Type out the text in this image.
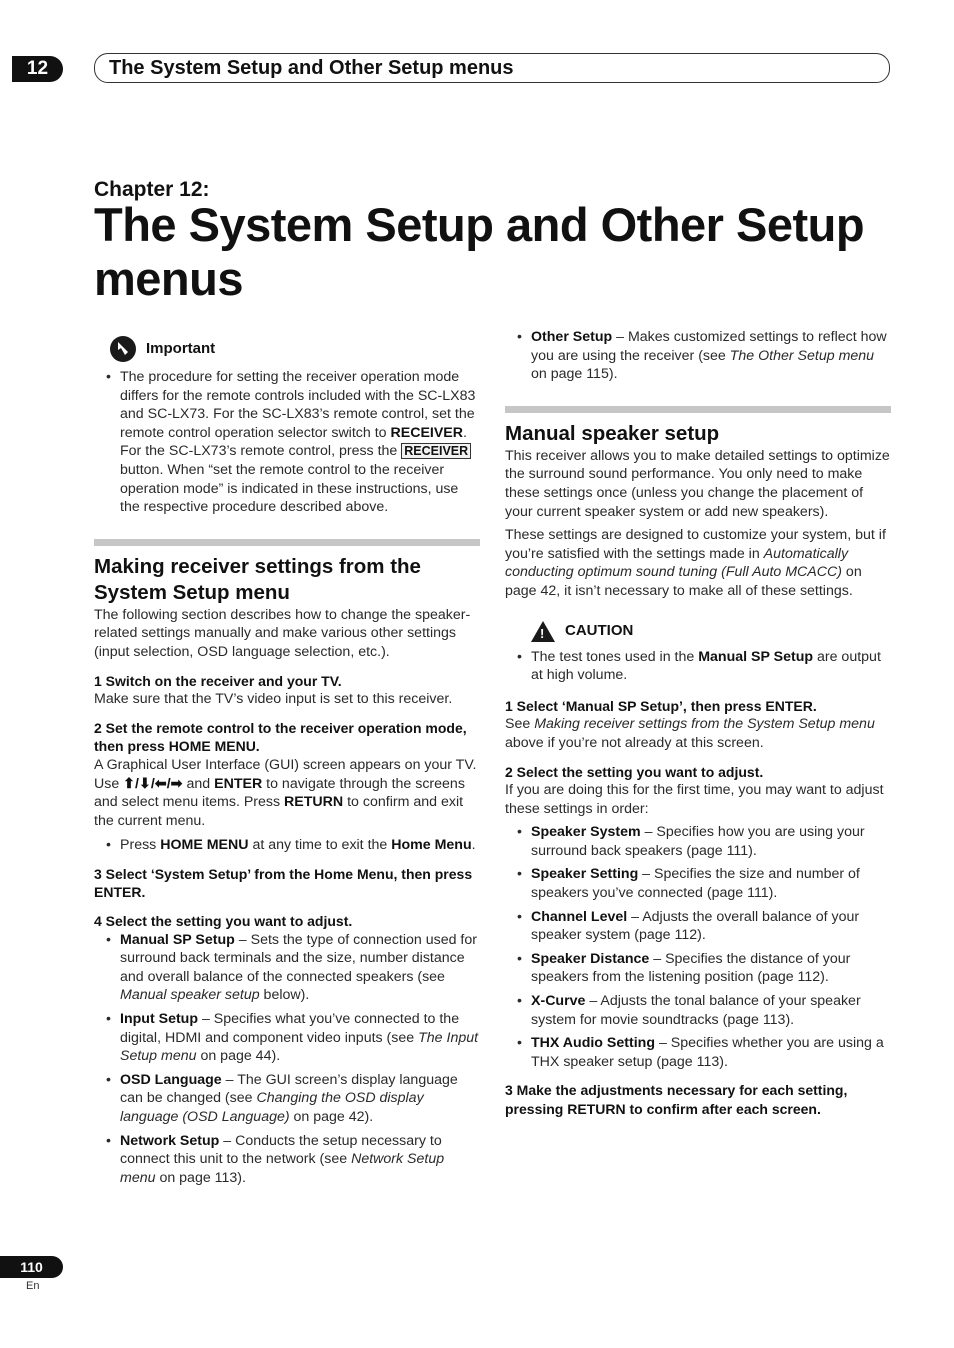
12	The System Setup and Other Setup menus
Chapter 12:
The System Setup and Other Setup
menus
Important
• The procedure for setting the receiver operation mode differs for the remote controls included with the SC-LX83 and SC-LX73. For the SC-LX83’s remote control, set the remote control operation selector switch to RECEIVER. For the SC-LX73’s remote control, press the RECEIVER button. When “set the remote control to the receiver operation mode” is indicated in these instructions, use the respective procedure described above.
Making receiver settings from the System Setup menu

The following section describes how to change the speaker-related settings manually and make various other settings (input selection, OSD language selection, etc.).

1 Switch on the receiver and your TV.

Make sure that the TV’s video input is set to this receiver.

2 Set the remote control to the receiver operation mode, then press HOME MENU.

A Graphical User Interface (GUI) screen appears on your TV. Use ⬆/⬇/⬅/➡ and ENTER to navigate through the screens and select menu items. Press RETURN to confirm and exit the current menu.

• Press HOME MENU at any time to exit the Home Menu.

3 Select ‘System Setup’ from the Home Menu, then press ENTER.

4 Select the setting you want to adjust.

• Manual SP Setup – Sets the type of connection used for surround back terminals and the size, number distance and overall balance of the connected speakers (see Manual speaker setup below).
• Input Setup – Specifies what you’ve connected to the digital, HDMI and component video inputs (see The Input Setup menu on page 44).
• OSD Language – The GUI screen’s display language can be changed (see Changing the OSD display language (OSD Language) on page 42).
• Network Setup – Conducts the setup necessary to connect this unit to the network (see Network Setup menu on page 113).
• Other Setup – Makes customized settings to reflect how you are using the receiver (see The Other Setup menu on page 115).
Manual speaker setup

This receiver allows you to make detailed settings to optimize the surround sound performance. You only need to make these settings once (unless you change the placement of your current speaker system or add new speakers).

These settings are designed to customize your system, but if you’re satisfied with the settings made in Automatically conducting optimum sound tuning (Full Auto MCACC) on page 42, it isn’t necessary to make all of these settings.

! CAUTION
• The test tones used in the Manual SP Setup are output at high volume.

1 Select ‘Manual SP Setup’, then press ENTER.

See Making receiver settings from the System Setup menu above if you’re not already at this screen.

2 Select the setting you want to adjust.

If you are doing this for the first time, you may want to adjust these settings in order:

• Speaker System – Specifies how you are using your surround back speakers (page 111).
• Speaker Setting – Specifies the size and number of speakers you’ve connected (page 111).
• Channel Level – Adjusts the overall balance of your speaker system (page 112).
• Speaker Distance – Specifies the distance of your speakers from the listening position (page 112).
• X-Curve – Adjusts the tonal balance of your speaker system for movie soundtracks (page 113).
• THX Audio Setting – Specifies whether you are using a THX speaker setup (page 113).

3 Make the adjustments necessary for each setting, pressing RETURN to confirm after each screen.

110
En
